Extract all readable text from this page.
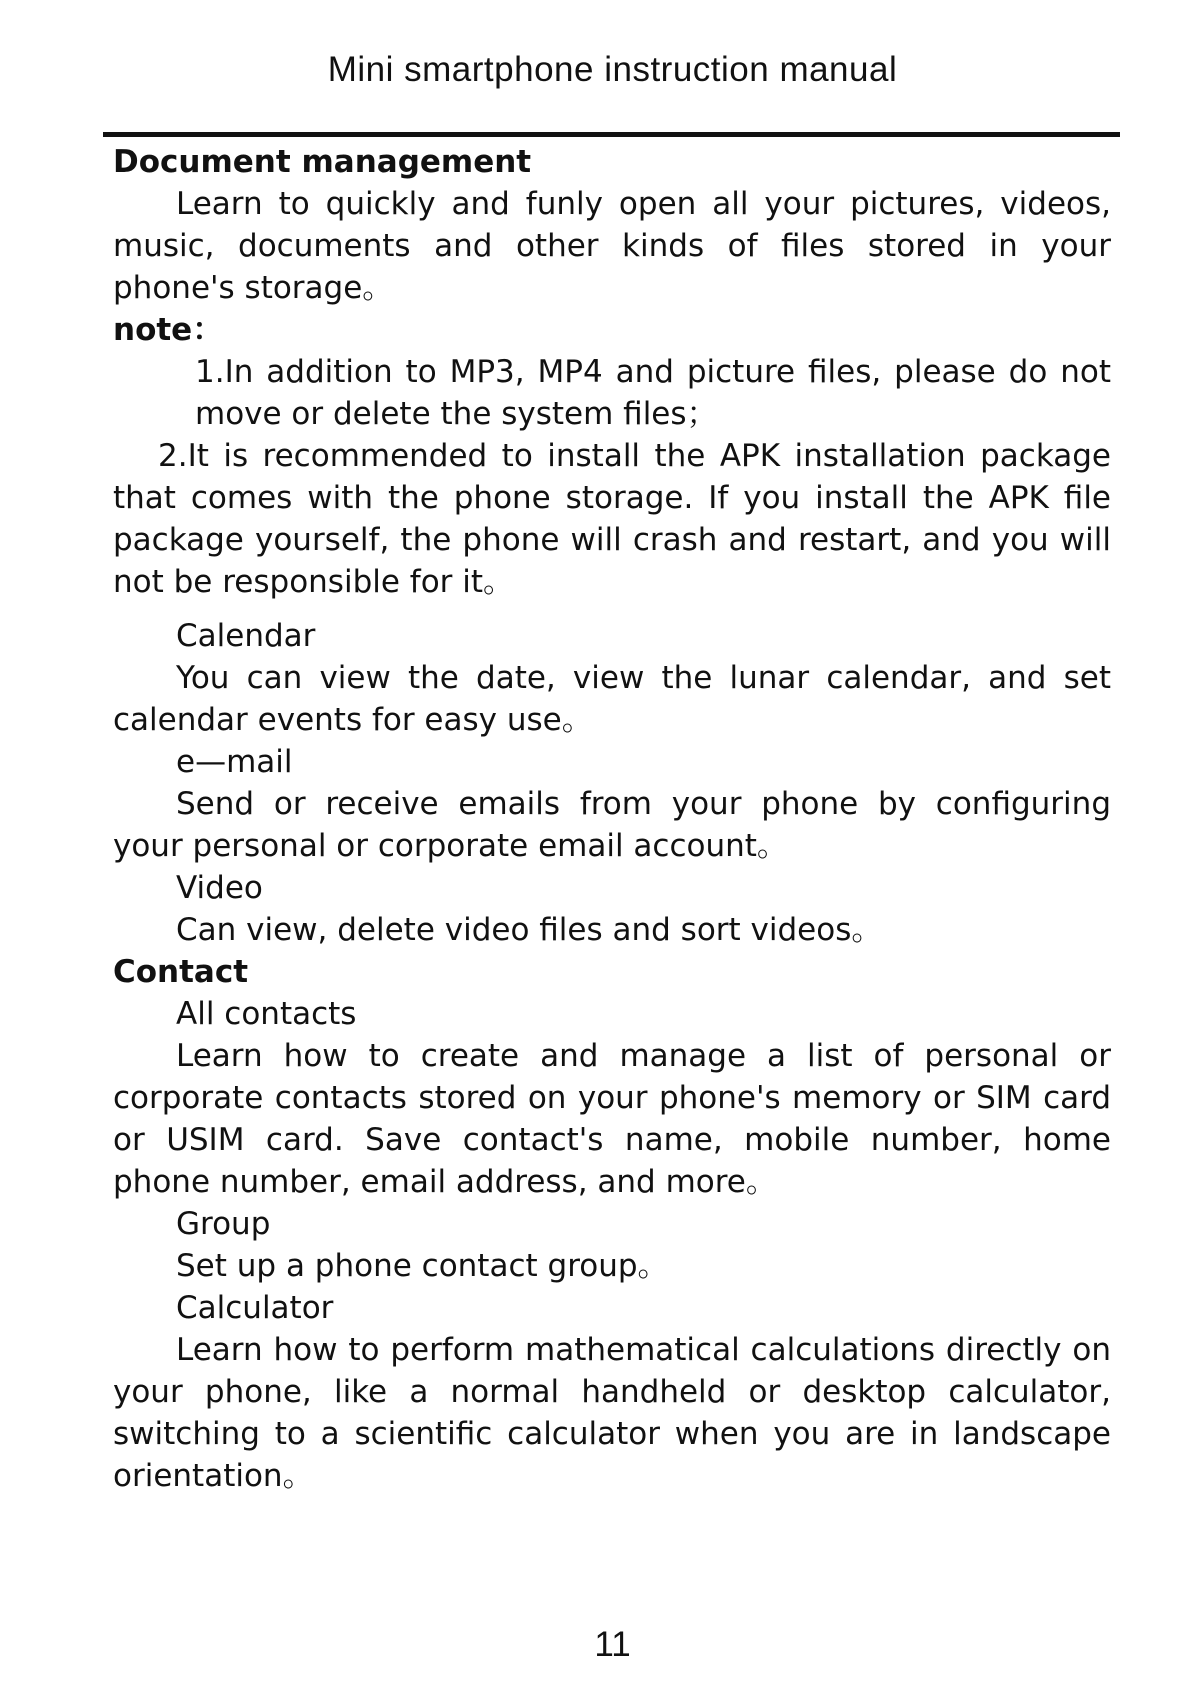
Mini smartphone instruction manual

Document management

Learn to quickly and funly open all your pictures, videos, music, documents and other kinds of files stored in your phone's storage。

note：

1.In addition to MP3, MP4 and picture files, please do not move or delete the system files；

2.It is recommended to install the APK installation package that comes with the phone storage. If you install the APK file package yourself, the phone will crash and restart, and you will not be responsible for it。

Calendar

You can view the date, view the lunar calendar, and set calendar events for easy use。

e—mail

Send or receive emails from your phone by configuring your personal or corporate email account。

Video

Can view, delete video files and sort videos。

Contact

All contacts

Learn how to create and manage a list of personal or corporate contacts stored on your phone's memory or SIM card or USIM card. Save contact's name, mobile number, home phone number, email address, and more。

Group

Set up a phone contact group。

Calculator

Learn how to perform mathematical calculations directly on your phone, like a normal handheld or desktop calculator, switching to a scientific calculator when you are in landscape orientation。

11
